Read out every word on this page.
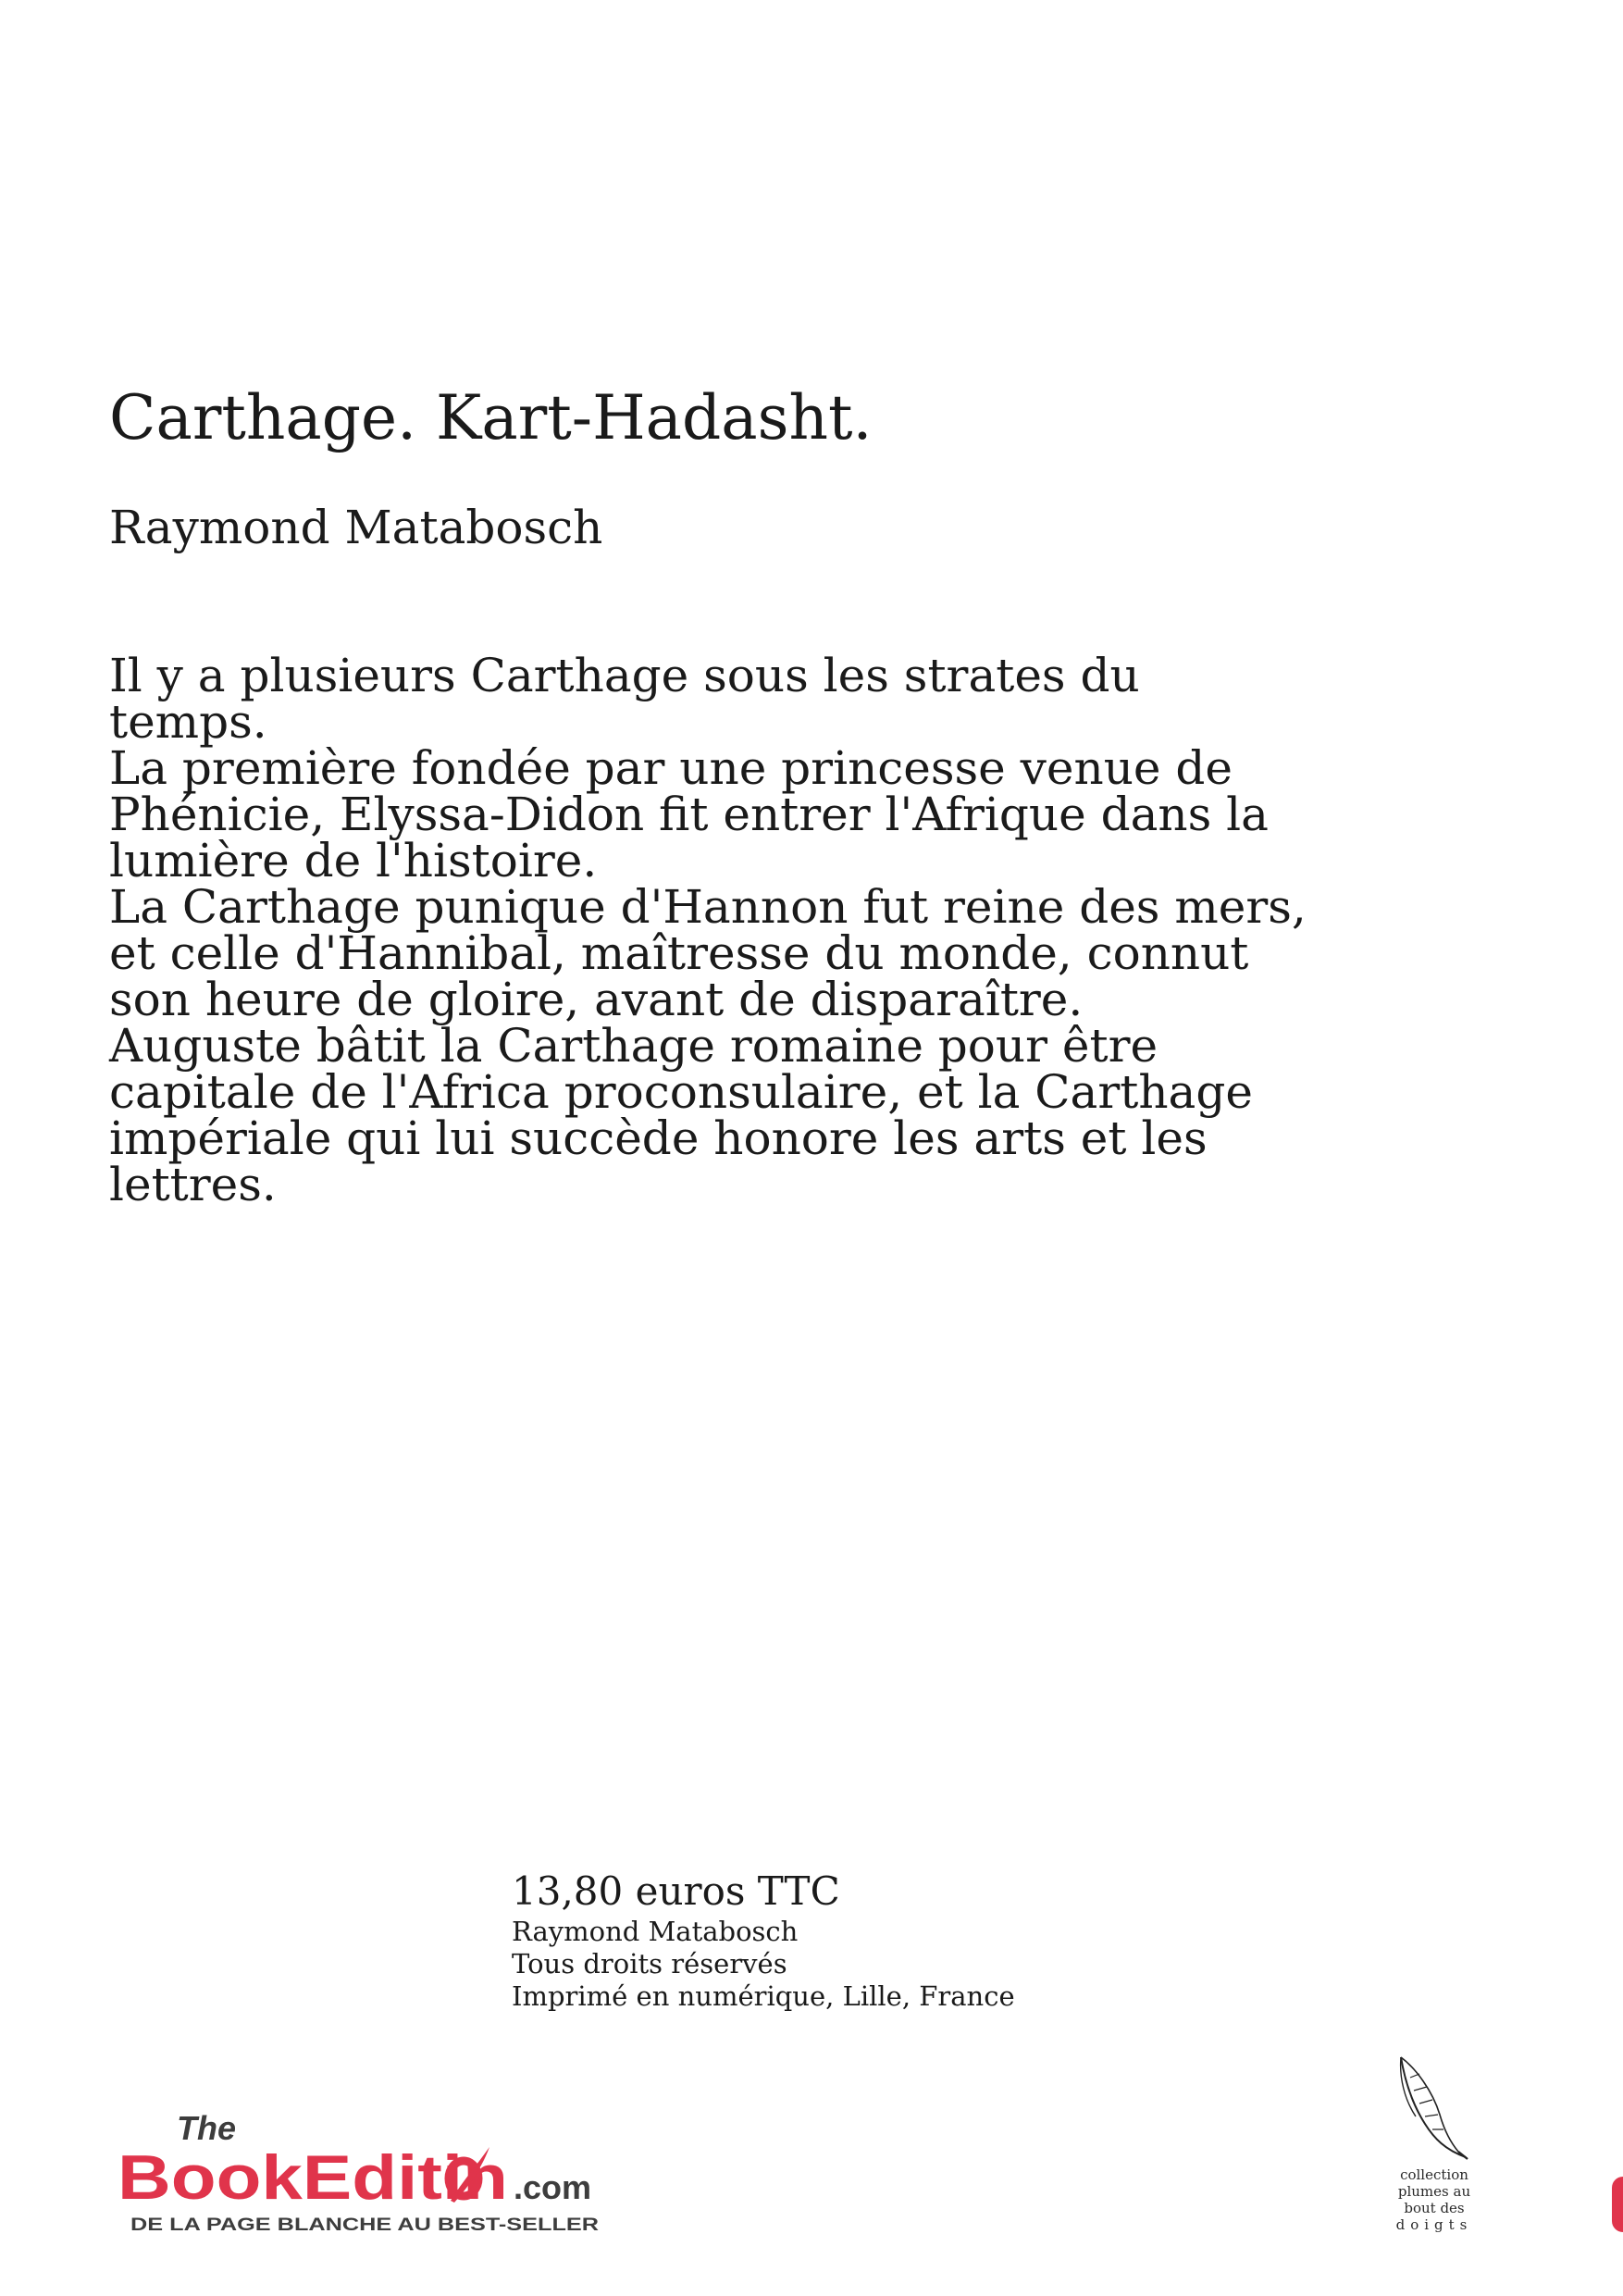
Carthage. Kart-Hadasht.
Raymond Matabosch

Il y a plusieurs Carthage sous les strates du temps.

La première fondée par une princesse venue de Phénicie, Elyssa-Didon fit entrer l'Afrique dans la lumière de l'histoire.

La Carthage punique d'Hannon fut reine des mers, et celle d'Hannibal, maîtresse du monde, connut son heure de gloire, avant de disparaître.

Auguste bâtit la Carthage romaine pour être capitale de l'Africa proconsulaire, et la Carthage impériale qui lui succède honore les arts et les lettres.

13,80 euros TTC
Raymond Matabosch
Tous droits réservés
Imprimé en numérique, Lille, France
The
BookEditi n .com
DE LA PAGE BLANCHE AU BEST-SELLER
collection
plumes au
bout des
doigts
